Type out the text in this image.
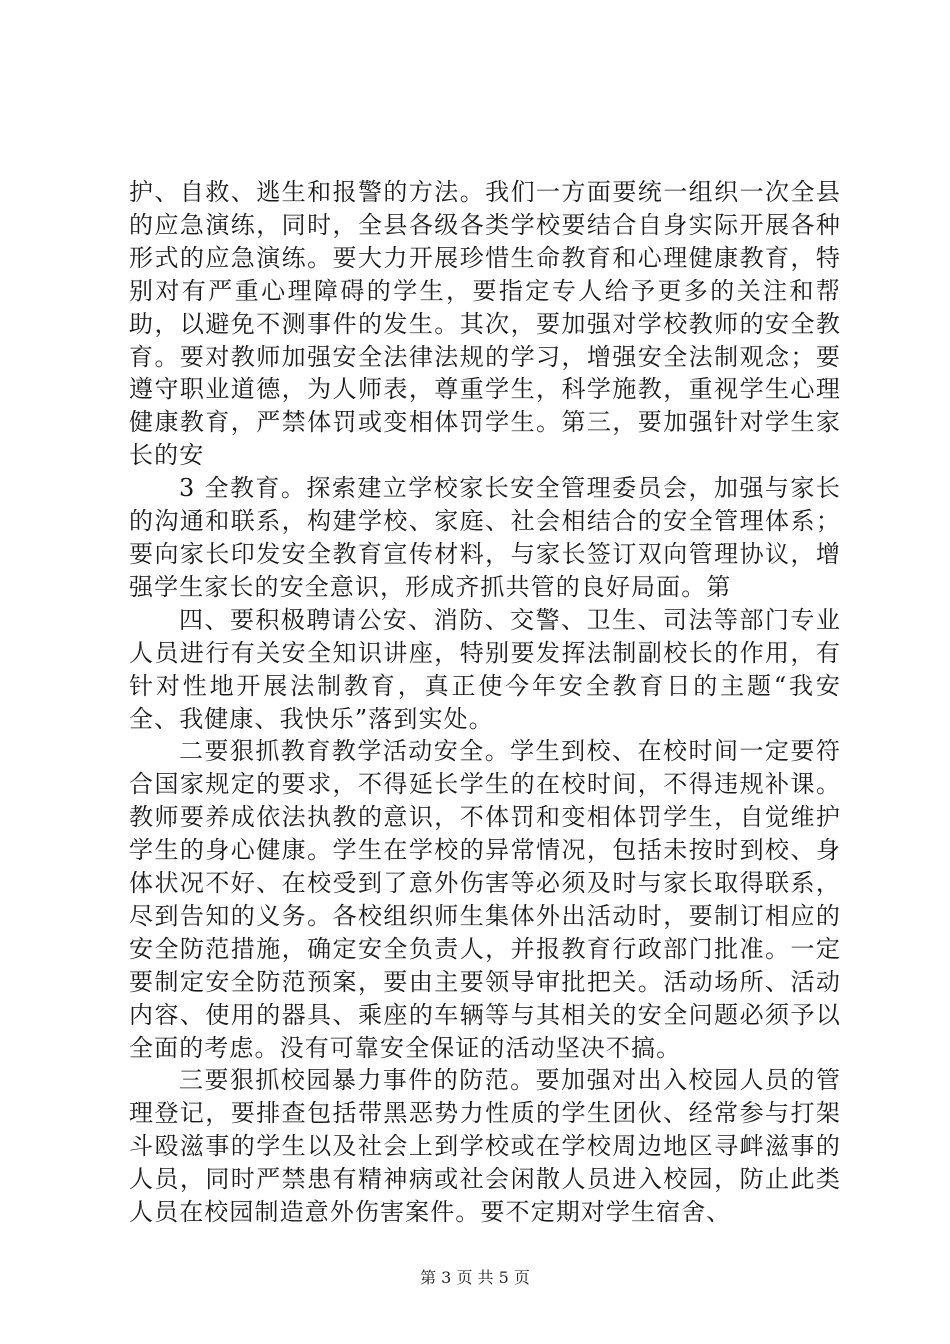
护、自救、逃生和报警的方法。我们一方面要统一组织一次全县的应急演练，同时，全县各级各类学校要结合自身实际开展各种形式的应急演练。要大力开展珍惜生命教育和心理健康教育，特别对有严重心理障碍的学生，要指定专人给予更多的关注和帮助，以避免不测事件的发生。其次，要加强对学校教师的安全教育。要对教师加强安全法律法规的学习，增强安全法制观念；要遵守职业道德，为人师表，尊重学生，科学施教，重视学生心理健康教育，严禁体罚或变相体罚学生。第三，要加强针对学生家长的安

3 全教育。探索建立学校家长安全管理委员会，加强与家长的沟通和联系，构建学校、家庭、社会相结合的安全管理体系；要向家长印发安全教育宣传材料，与家长签订双向管理协议，增强学生家长的安全意识，形成齐抓共管的良好局面。第

四、要积极聘请公安、消防、交警、卫生、司法等部门专业人员进行有关安全知识讲座，特别要发挥法制副校长的作用，有针对性地开展法制教育，真正使今年安全教育日的主题“我安全、我健康、我快乐”落到实处。

二要狠抓教育教学活动安全。学生到校、在校时间一定要符合国家规定的要求，不得延长学生的在校时间，不得违规补课。教师要养成依法执教的意识，不体罚和变相体罚学生，自觉维护学生的身心健康。学生在学校的异常情况，包括未按时到校、身体状况不好、在校受到了意外伤害等必须及时与家长取得联系，尽到告知的义务。各校组织师生集体外出活动时，要制订相应的安全防范措施，确定安全负责人，并报教育行政部门批准。一定要制定安全防范预案，要由主要领导审批把关。活动场所、活动内容、使用的器具、乘座的车辆等与其相关的安全问题必须予以全面的考虑。没有可靠安全保证的活动坚决不搞。

三要狠抓校园暴力事件的防范。要加强对出入校园人员的管理登记，要排查包括带黑恶势力性质的学生团伙、经常参与打架斗殴滋事的学生以及社会上到学校或在学校周边地区寻衅滋事的人员，同时严禁患有精神病或社会闲散人员进入校园，防止此类人员在校园制造意外伤害案件。要不定期对学生宿舍、

第 3 页 共 5 页
